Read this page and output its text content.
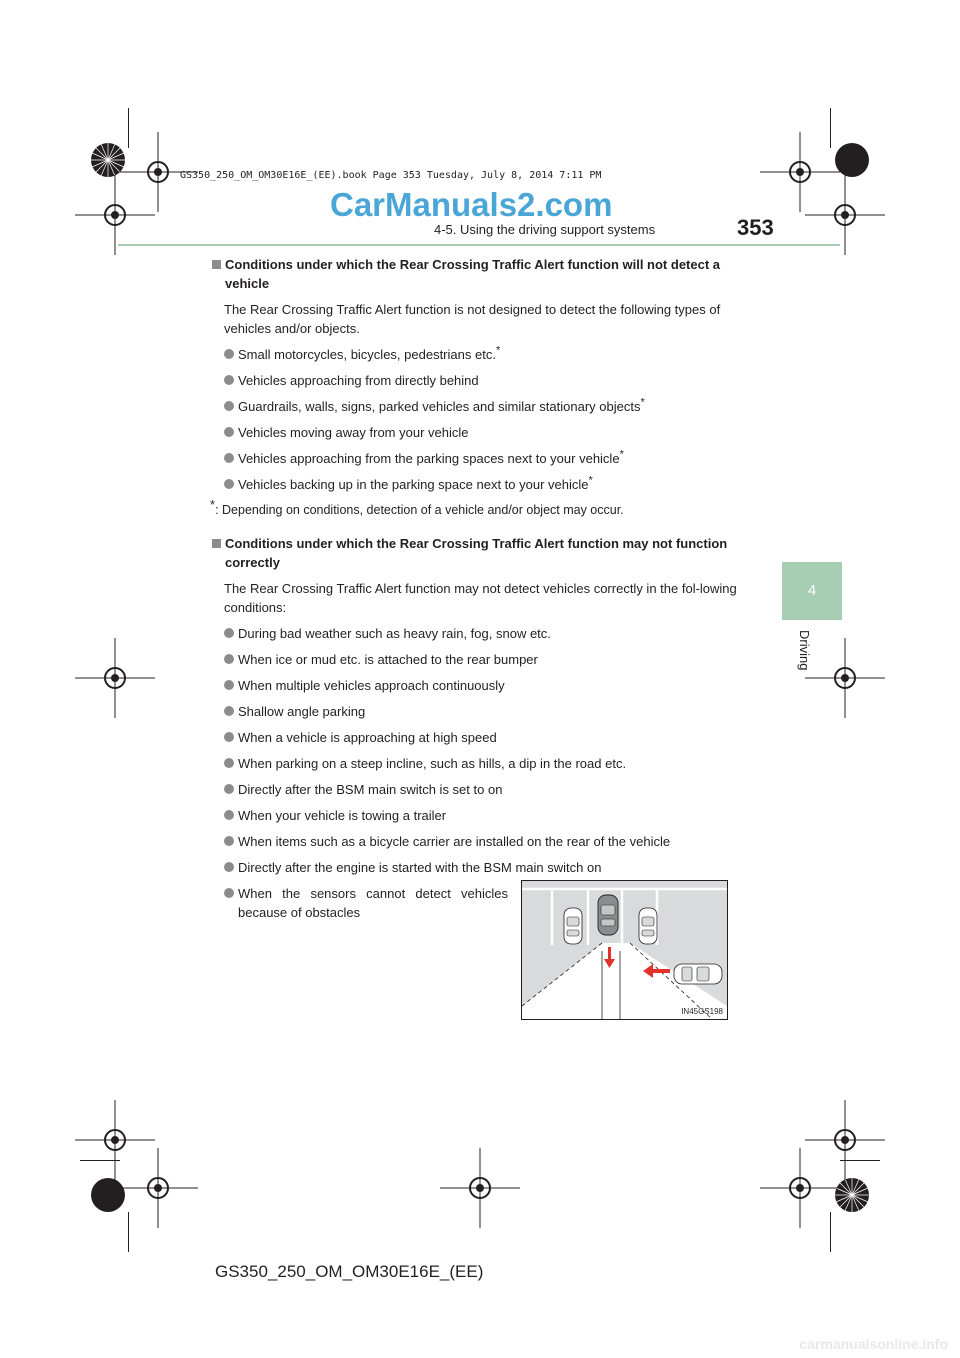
GS350_250_OM_OM30E16E_(EE).book Page 353 Tuesday, July 8, 2014 7:11 PM
CarManuals2.com
4-5. Using the driving support systems	353
4
Driving

Conditions under which the Rear Crossing Traffic Alert function will not detect a vehicle

The Rear Crossing Traffic Alert function is not designed to detect the following types of vehicles and/or objects.

Small motorcycles, bicycles, pedestrians etc.*
Vehicles approaching from directly behind
Guardrails, walls, signs, parked vehicles and similar stationary objects*
Vehicles moving away from your vehicle
Vehicles approaching from the parking spaces next to your vehicle*
Vehicles backing up in the parking space next to your vehicle*

*: Depending on conditions, detection of a vehicle and/or object may occur.

Conditions under which the Rear Crossing Traffic Alert function may not function correctly

The Rear Crossing Traffic Alert function may not detect vehicles correctly in the fol-lowing conditions:

During bad weather such as heavy rain, fog, snow etc.
When ice or mud etc. is attached to the rear bumper
When multiple vehicles approach continuously
Shallow angle parking
When a vehicle is approaching at high speed
When parking on a steep incline, such as hills, a dip in the road etc.
Directly after the BSM main switch is set to on
When your vehicle is towing a trailer
When items such as a bicycle carrier are installed on the rear of the vehicle
Directly after the engine is started with the BSM main switch on
When the sensors cannot detect vehicles because of obstacles
IN45GS198
GS350_250_OM_OM30E16E_(EE)
carmanualsonline.info
